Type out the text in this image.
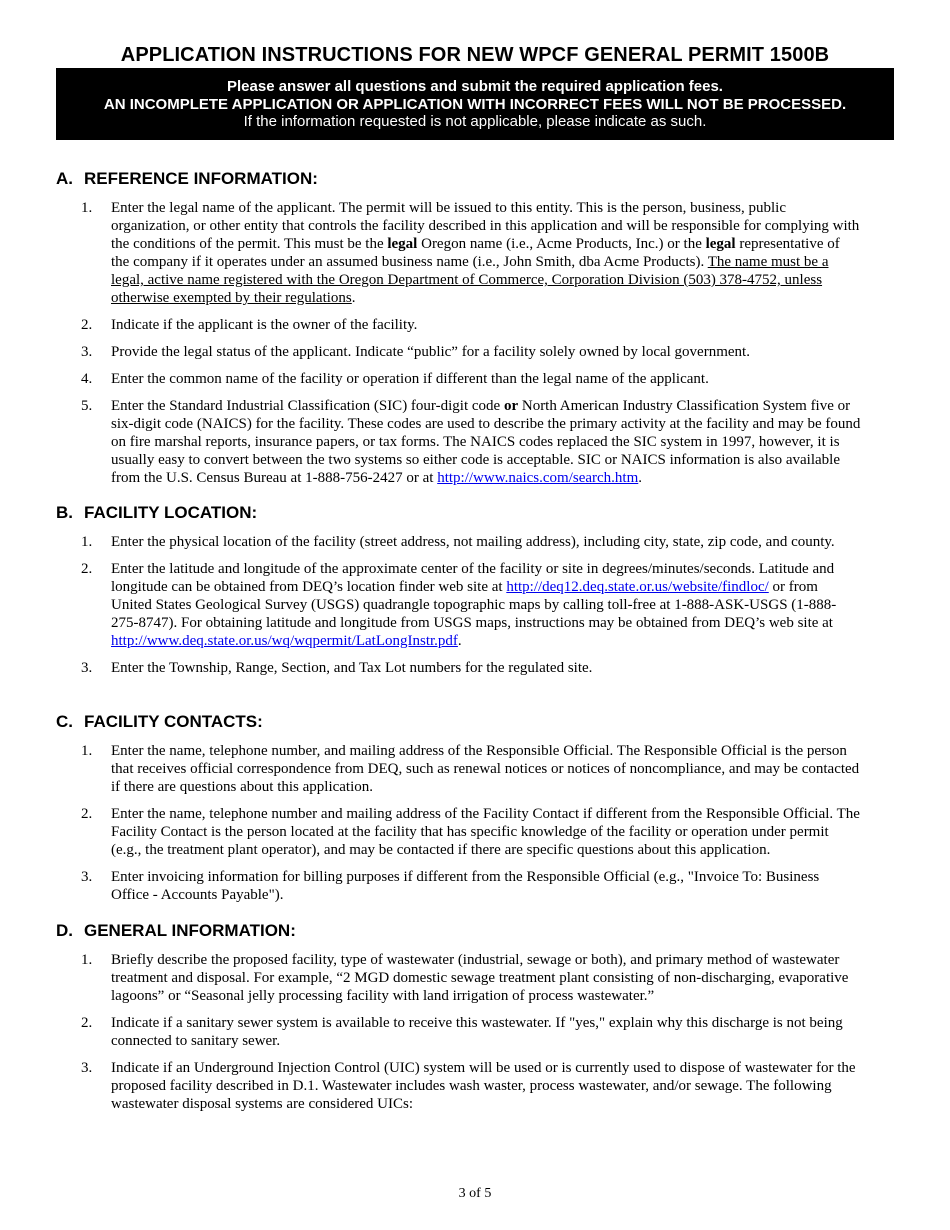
APPLICATION INSTRUCTIONS FOR NEW WPCF GENERAL PERMIT 1500B
Please answer all questions and submit the required application fees.
AN INCOMPLETE APPLICATION OR APPLICATION WITH INCORRECT FEES WILL NOT BE PROCESSED.
If the information requested is not applicable, please indicate as such.
A. REFERENCE INFORMATION:
1.	Enter the legal name of the applicant. The permit will be issued to this entity. This is the person, business, public organization, or other entity that controls the facility described in this application and will be responsible for complying with the conditions of the permit. This must be the legal Oregon name (i.e., Acme Products, Inc.) or the legal representative of the company if it operates under an assumed business name (i.e., John Smith, dba Acme Products). The name must be a legal, active name registered with the Oregon Department of Commerce, Corporation Division (503) 378-4752, unless otherwise exempted by their regulations.
2.	Indicate if the applicant is the owner of the facility.
3.	Provide the legal status of the applicant. Indicate “public” for a facility solely owned by local government.
4.	Enter the common name of the facility or operation if different than the legal name of the applicant.
5.	Enter the Standard Industrial Classification (SIC) four-digit code or North American Industry Classification System five or six-digit code (NAICS) for the facility. These codes are used to describe the primary activity at the facility and may be found on fire marshal reports, insurance papers, or tax forms. The NAICS codes replaced the SIC system in 1997, however, it is usually easy to convert between the two systems so either code is acceptable. SIC or NAICS information is also available from the U.S. Census Bureau at 1-888-756-2427 or at http://www.naics.com/search.htm.
B. FACILITY LOCATION:
1.	Enter the physical location of the facility (street address, not mailing address), including city, state, zip code, and county.
2.	Enter the latitude and longitude of the approximate center of the facility or site in degrees/minutes/seconds. Latitude and longitude can be obtained from DEQ’s location finder web site at http://deq12.deq.state.or.us/website/findloc/ or from United States Geological Survey (USGS) quadrangle topographic maps by calling toll-free at 1-888-ASK-USGS (1-888-275-8747). For obtaining latitude and longitude from USGS maps, instructions may be obtained from DEQ’s web site at http://www.deq.state.or.us/wq/wqpermit/LatLongInstr.pdf.
3.	Enter the Township, Range, Section, and Tax Lot numbers for the regulated site.
C. FACILITY CONTACTS:
1.	Enter the name, telephone number, and mailing address of the Responsible Official. The Responsible Official is the person that receives official correspondence from DEQ, such as renewal notices or notices of noncompliance, and may be contacted if there are questions about this application.
2.	Enter the name, telephone number and mailing address of the Facility Contact if different from the Responsible Official. The Facility Contact is the person located at the facility that has specific knowledge of the facility or operation under permit (e.g., the treatment plant operator), and may be contacted if there are specific questions about this application.
3.	Enter invoicing information for billing purposes if different from the Responsible Official (e.g., "Invoice To: Business Office - Accounts Payable").
D. GENERAL INFORMATION:
1.	Briefly describe the proposed facility, type of wastewater (industrial, sewage or both), and primary method of wastewater treatment and disposal. For example, “2 MGD domestic sewage treatment plant consisting of non-discharging, evaporative lagoons” or “Seasonal jelly processing facility with land irrigation of process wastewater.”
2.	Indicate if a sanitary sewer system is available to receive this wastewater. If "yes," explain why this discharge is not being connected to sanitary sewer.
3.	Indicate if an Underground Injection Control (UIC) system will be used or is currently used to dispose of wastewater for the proposed facility described in D.1. Wastewater includes wash waster, process wastewater, and/or sewage. The following wastewater disposal systems are considered UICs:
3 of 5
